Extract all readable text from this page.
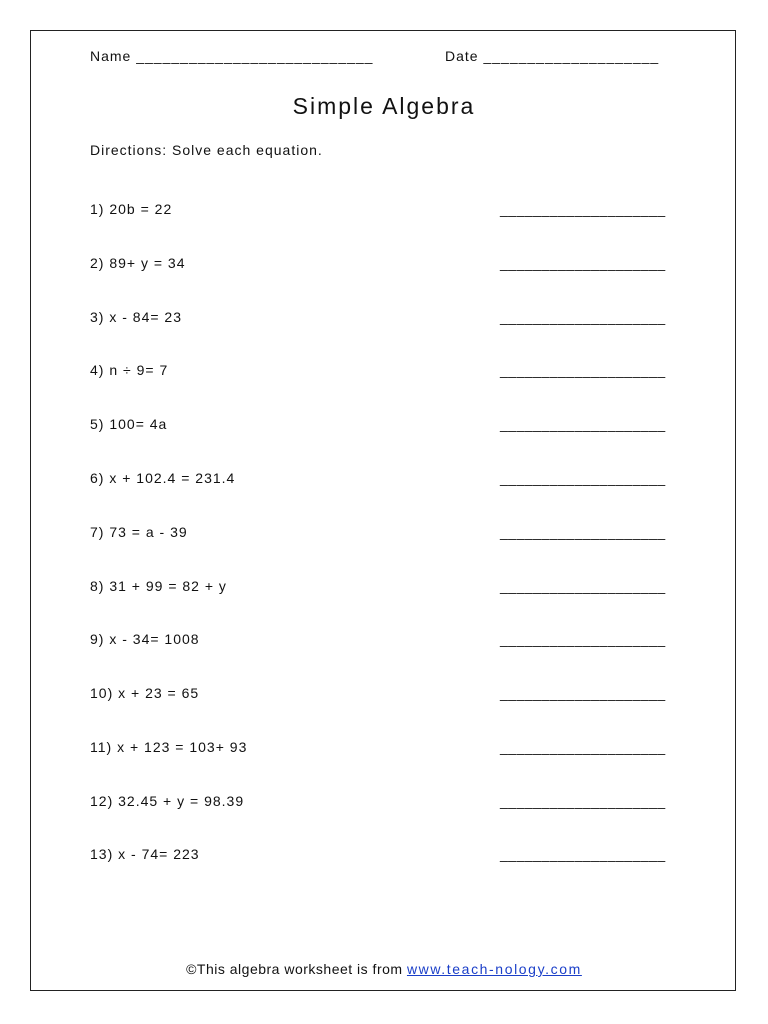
Name ___________________________	Date ____________________
Simple Algebra
Directions: Solve each equation.
1) 20b = 22	____________________
2) 89+ y = 34	____________________
3) x - 84= 23	____________________
4) n ÷ 9= 7	____________________
5) 100= 4a	____________________
6) x + 102.4 = 231.4	____________________
7) 73 = a - 39	____________________
8) 31 + 99 = 82 + y	____________________
9) x - 34= 1008	____________________
10) x + 23 = 65	____________________
11) x + 123 = 103+ 93	____________________
12) 32.45 + y = 98.39	____________________
13) x - 74= 223	____________________
©This algebra worksheet is from www.teach-nology.com
